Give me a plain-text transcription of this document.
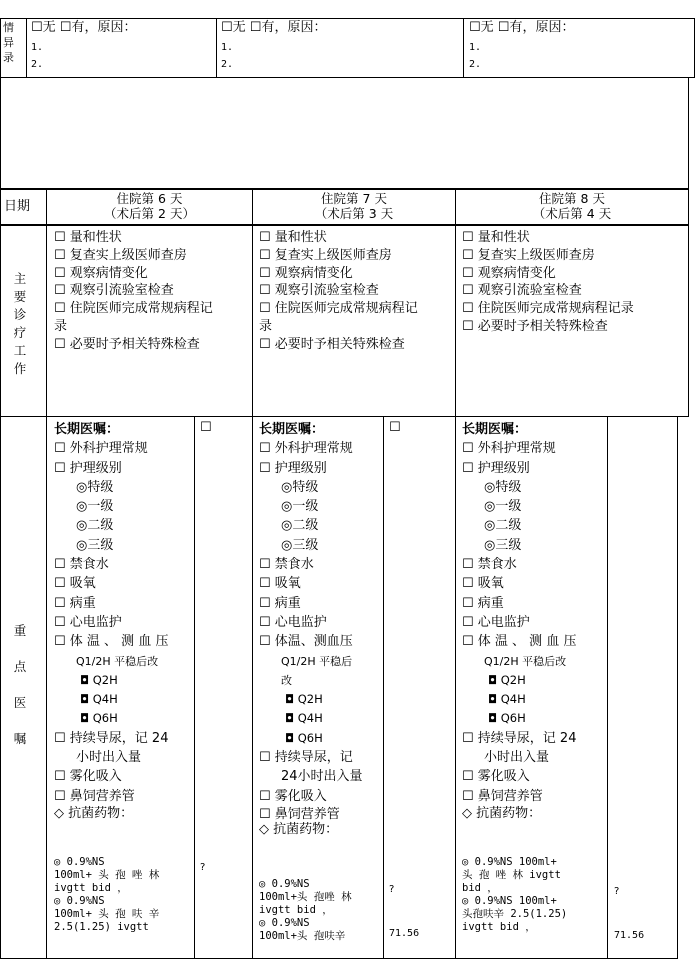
情
异
录
☐无 ☐有，原因：
1.
2.
☐无 ☐有，原因：
1.
2.
☐无 ☐有，原因：
1.
2.
日期
住院第 6 天
（术后第 2 天）
住院第 7 天
（术后第 3 天
住院第 8 天
（术后第 4 天
主
要
诊
疗
工
作
☐ 量和性状
☐ 复查实上级医师查房
☐ 观察病情变化
☐ 观察引流验室检查
☐ 住院医师完成常规病程记
录
☐ 必要时予相关特殊检查
☐ 量和性状
☐ 复查实上级医师查房
☐ 观察病情变化
☐ 观察引流验室检查
☐ 住院医师完成常规病程记
录
☐ 必要时予相关特殊检查
☐ 量和性状
☐ 复查实上级医师查房
☐ 观察病情变化
☐ 观察引流验室检查
☐ 住院医师完成常规病程记录
☐ 必要时予相关特殊检查
重
点
医
嘱
长期医嘱：
☐ 外科护理常规
☐ 护理级别
◎特级
◎一级
◎二级
◎三级
☐ 禁食水
☐ 吸氧
☐ 病重
☐ 心电监护
☐ 体 温 、 测 血 压
Q1/2H 平稳后改
◘ Q2H
◘ Q4H
◘ Q6H
☐ 持续导尿，记 24
小时出入量
☐ 雾化吸入
☐ 鼻饲营养管
◇ 抗菌药物：
◎ 0.9%NS
100ml+ 头 孢 唑 林
ivgtt bid ，
◎ 0.9%NS
100ml+ 头 孢 呋 辛
2.5(1.25) ivgtt
☐
?
长期医嘱：
☐ 外科护理常规
☐ 护理级别
◎特级
◎一级
◎二级
◎三级
☐ 禁食水
☐ 吸氧
☐ 病重
☐ 心电监护
☐ 体温、测血压
Q1/2H 平稳后
改
◘ Q2H
◘ Q4H
◘ Q6H
☐ 持续导尿，记
24小时出入量
☐ 雾化吸入
☐ 鼻饲营养管
◇ 抗菌药物：
◎ 0.9%NS
100ml+头 孢唑 林
ivgtt bid ，
◎ 0.9%NS
100ml+头 孢呋辛
☐
?
71.56
长期医嘱：
☐ 外科护理常规
☐ 护理级别
◎特级
◎一级
◎二级
◎三级
☐ 禁食水
☐ 吸氧
☐ 病重
☐ 心电监护
☐ 体 温 、 测 血 压
Q1/2H 平稳后改
◘ Q2H
◘ Q4H
◘ Q6H
☐ 持续导尿，记 24
小时出入量
☐ 雾化吸入
☐ 鼻饲营养管
◇ 抗菌药物：
◎ 0.9%NS 100ml+
头 孢 唑 林 ivgtt
bid ，
◎ 0.9%NS 100ml+
头孢呋辛 2.5(1.25)
ivgtt bid ，
?
71.56
